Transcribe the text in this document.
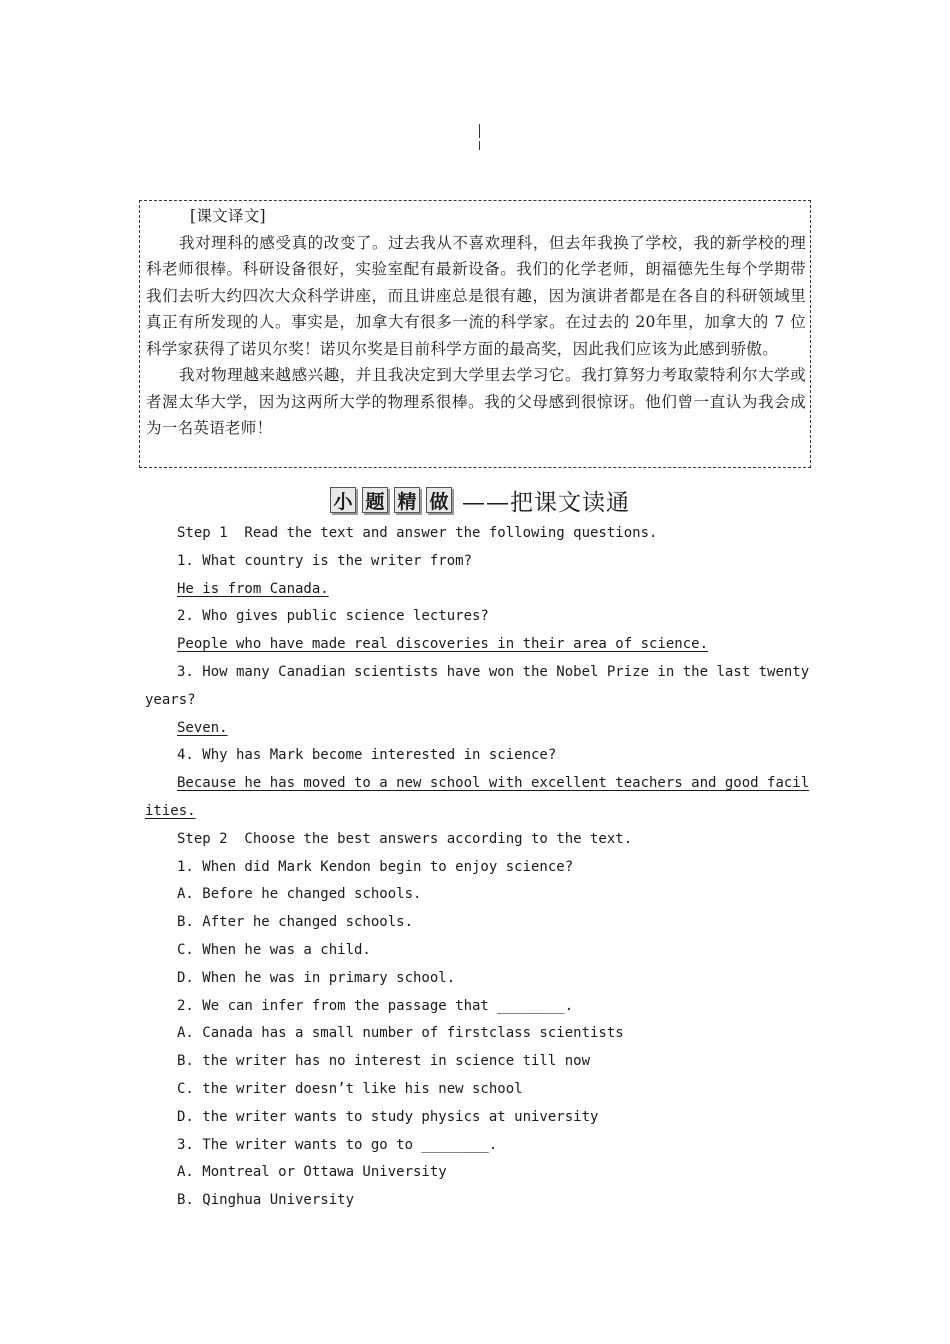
[课文译文]

我对理科的感受真的改变了。过去我从不喜欢理科，但去年我换了学校，我的新学校的理科老师很棒。科研设备很好，实验室配有最新设备。我们的化学老师，朗福德先生每个学期带我们去听大约四次大众科学讲座，而且讲座总是很有趣，因为演讲者都是在各自的科研领域里真正有所发现的人。事实是，加拿大有很多一流的科学家。在过去的 20年里，加拿大的 7 位科学家获得了诺贝尔奖！诺贝尔奖是目前科学方面的最高奖，因此我们应该为此感到骄傲。

我对物理越来越感兴趣，并且我决定到大学里去学习它。我打算努力考取蒙特利尔大学或者渥太华大学，因为这两所大学的物理系很棒。我的父母感到很惊讶。他们曾一直认为我会成为一名英语老师！

小 题 精 做 ——把课文读通
Step 1  Read the text and answer the following questions.
1. What country is the writer from?
He is from Canada.
2. Who gives public science lectures?
People who have made real discoveries in their area of science.
3. How many Canadian scientists have won the Nobel Prize in the last twenty years?
Seven.
4. Why has Mark become interested in science?
Because he has moved to a new school with excellent teachers and good facilities.
Step 2  Choose the best answers according to the text.
1. When did Mark Kendon begin to enjoy science?
A. Before he changed schools.
B. After he changed schools.
C. When he was a child.
D. When he was in primary school.
2. We can infer from the passage that ________.
A. Canada has a small number of firstclass scientists
B. the writer has no interest in science till now
C. the writer doesn’t like his new school
D. the writer wants to study physics at university
3. The writer wants to go to ________.
A. Montreal or Ottawa University
B. Qinghua University
